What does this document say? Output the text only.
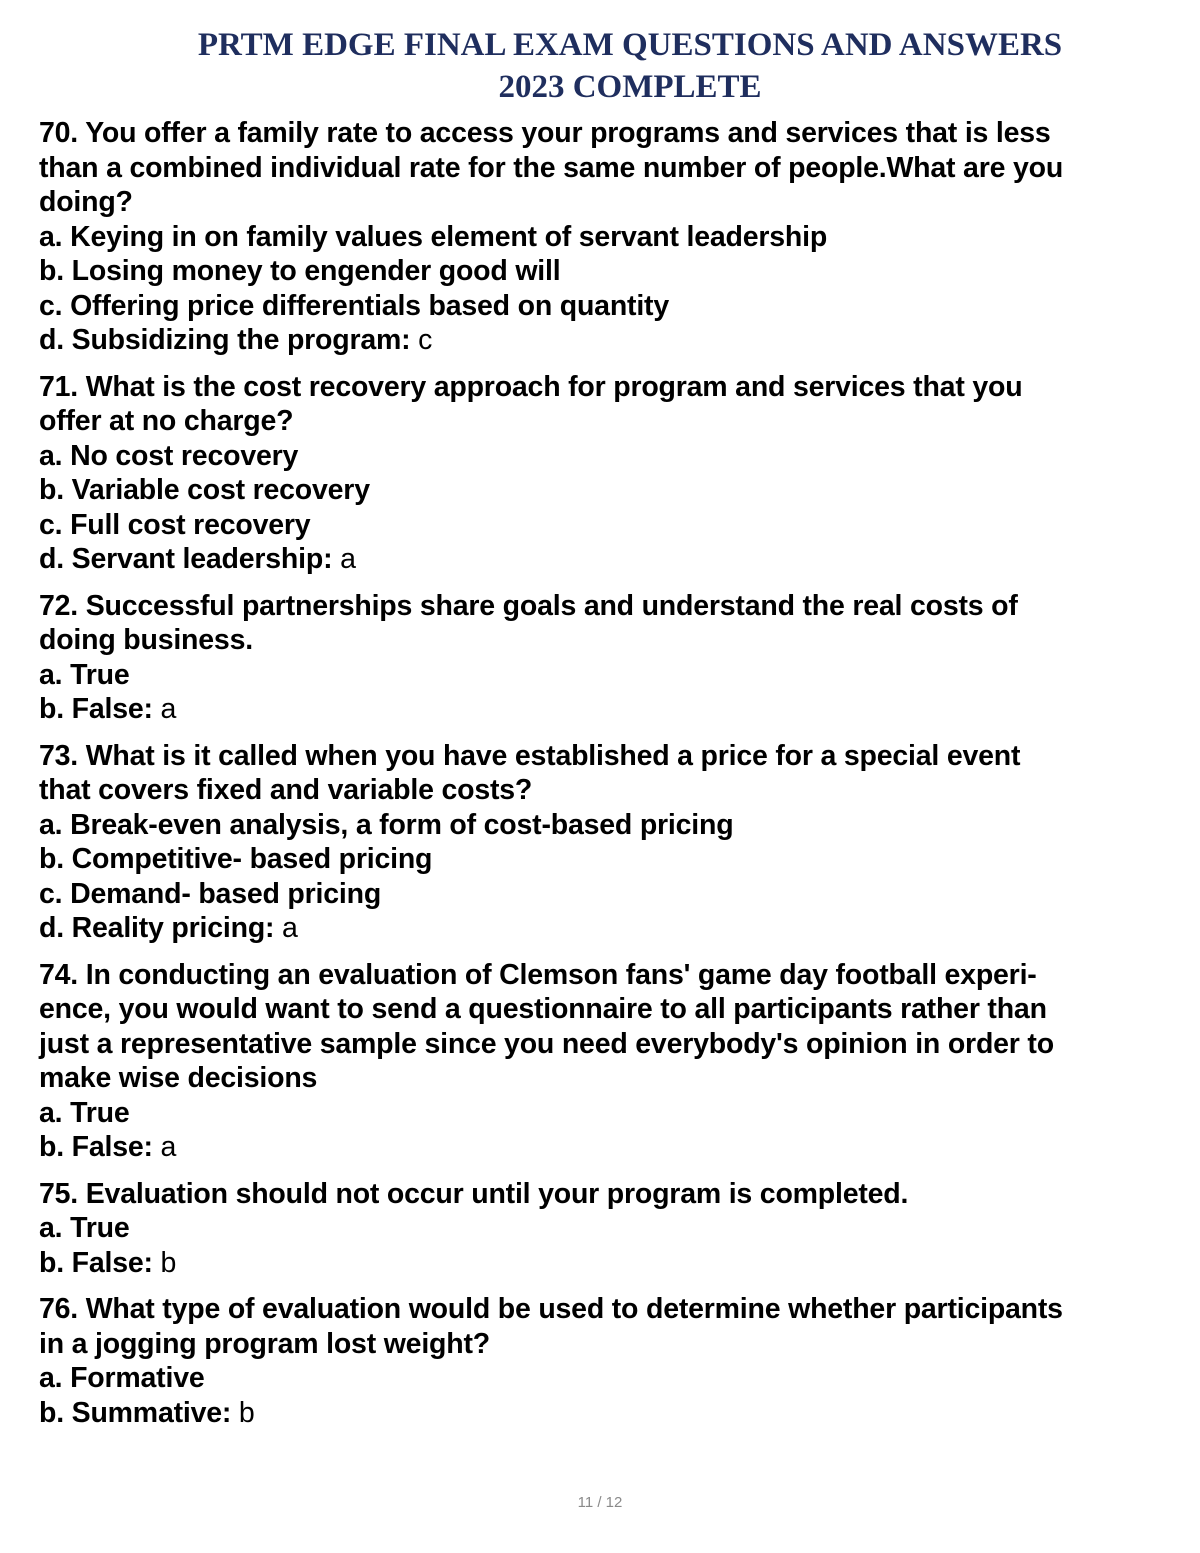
PRTM EDGE FINAL EXAM QUESTIONS AND ANSWERS
2023 COMPLETE
70. You offer a family rate to access your programs and services that is less
than a combined individual rate for the same number of people.What are you
doing?
a. Keying in on family values element of servant leadership
b. Losing money to engender good will
c. Offering price differentials based on quantity
d. Subsidizing the program: c
71. What is the cost recovery approach for program and services that you
offer at no charge?
a. No cost recovery
b. Variable cost recovery
c. Full cost recovery
d. Servant leadership: a
72. Successful partnerships share goals and understand the real costs of
doing business.
a. True
b. False: a
73. What is it called when you have established a price for a special event
that covers fixed and variable costs?
a. Break-even analysis, a form of cost-based pricing
b. Competitive- based pricing
c. Demand- based pricing
d. Reality pricing: a
74. In conducting an evaluation of Clemson fans' game day football experi-
ence, you would want to send a questionnaire to all participants rather than
just a representative sample since you need everybody's opinion in order to
make wise decisions
a. True
b. False: a
75. Evaluation should not occur until your program is completed.
a. True
b. False: b
76. What type of evaluation would be used to determine whether participants
in a jogging program lost weight?
a. Formative
b. Summative: b
11 / 12
